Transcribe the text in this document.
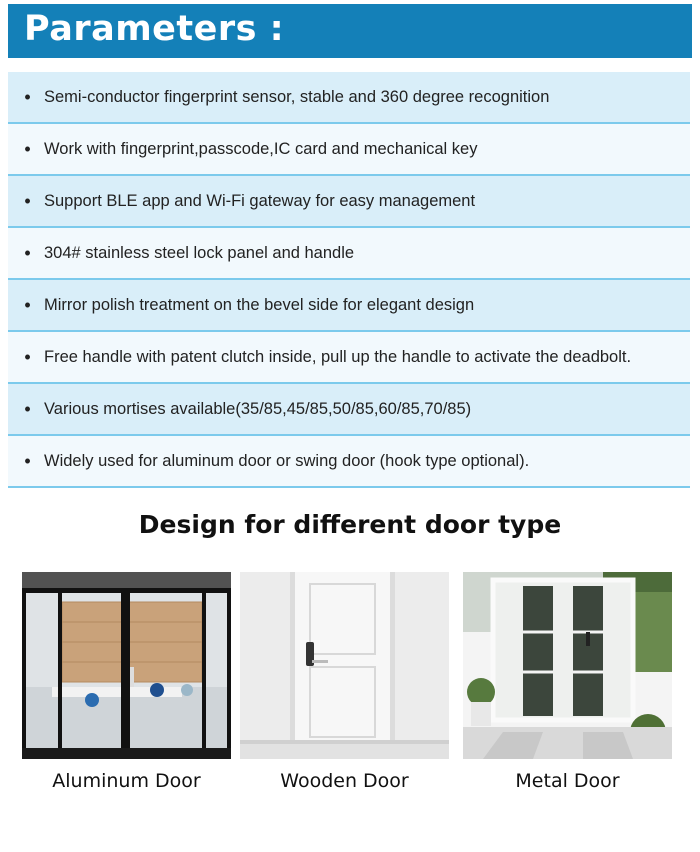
Parameters :
• Semi-conductor fingerprint sensor, stable and 360 degree recognition
• Work with fingerprint,passcode,IC card and mechanical key
• Support BLE app and Wi-Fi gateway for easy management
• 304# stainless steel lock panel and handle
• Mirror polish treatment on the bevel side for elegant design
• Free handle with patent clutch inside, pull up the handle to activate the deadbolt.
• Various mortises available(35/85,45/85,50/85,60/85,70/85)
• Widely used for aluminum door or swing door (hook type optional).
Design for different door type
Aluminum Door	Wooden Door	Metal Door
